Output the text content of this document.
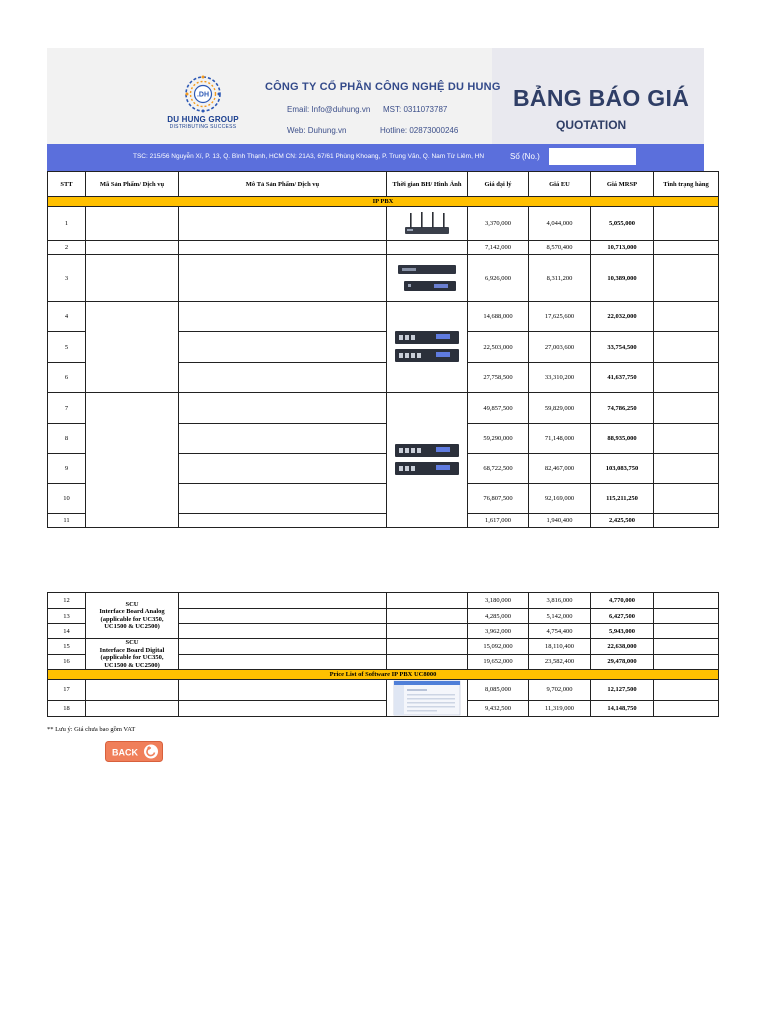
.DH
DU HUNG GROUP
DISTRIBUTING SUCCESS
CÔNG TY CỔ PHẦN CÔNG NGHỆ DU HUNG
Email: Info@duhung.vn MST: 0311073787
Web: Duhung.vn	Hotline: 02873000246
BẢNG BÁO GIÁ
QUOTATION
TSC: 215/56 Nguyễn Xí, P. 13, Q. Bình Thạnh, HCM CN: 21A3, 67/61 Phùng Khoang, P. Trung Văn, Q. Nam Từ Liêm, HN	Số (No.)
STT	Mã Sản Phẩm/ Dịch vụ	Mô Tả Sản Phẩm/ Dịch vụ	Thời gian BH/ Hình Ảnh	Giá đại lý	Giá EU	Giá MRSP	Tình trạng hàng
IP PBX							
1				3,370,000	4,044,000	5,055,000	
2				7,142,000	8,570,400	10,713,000	
3				6,926,000	8,311,200	10,389,000	
4				14,688,000	17,625,600	22,032,000	
5				22,503,000	27,003,600	33,754,500	
6				27,758,500	33,310,200	41,637,750	
7				49,857,500	59,829,000	74,786,250	
8				59,290,000	71,148,000	88,935,000	
9				68,722,500	82,467,000	103,083,750	
10				76,807,500	92,169,000	115,211,250	
11				1,617,000	1,940,400	2,425,500	
12	SCU
Interface Board Analog
(applicable for UC350,
UC1500 & UC2500)			3,180,000	3,816,000	4,770,000	
13				4,285,000	5,142,000	6,427,500	
14				3,962,000	4,754,400	5,943,000	
15	SCU
Interface Board Digital
(applicable for UC350,
UC1500 & UC2500)			15,092,000	18,110,400	22,638,000	
16				19,652,000	23,582,400	29,478,000	
Price List of Software IP PBX UC8000							
17				8,085,000	9,702,000	12,127,500	
18				9,432,500	11,319,000	14,148,750	
** Lưu ý: Giá chưa bao gồm VAT
BACK
